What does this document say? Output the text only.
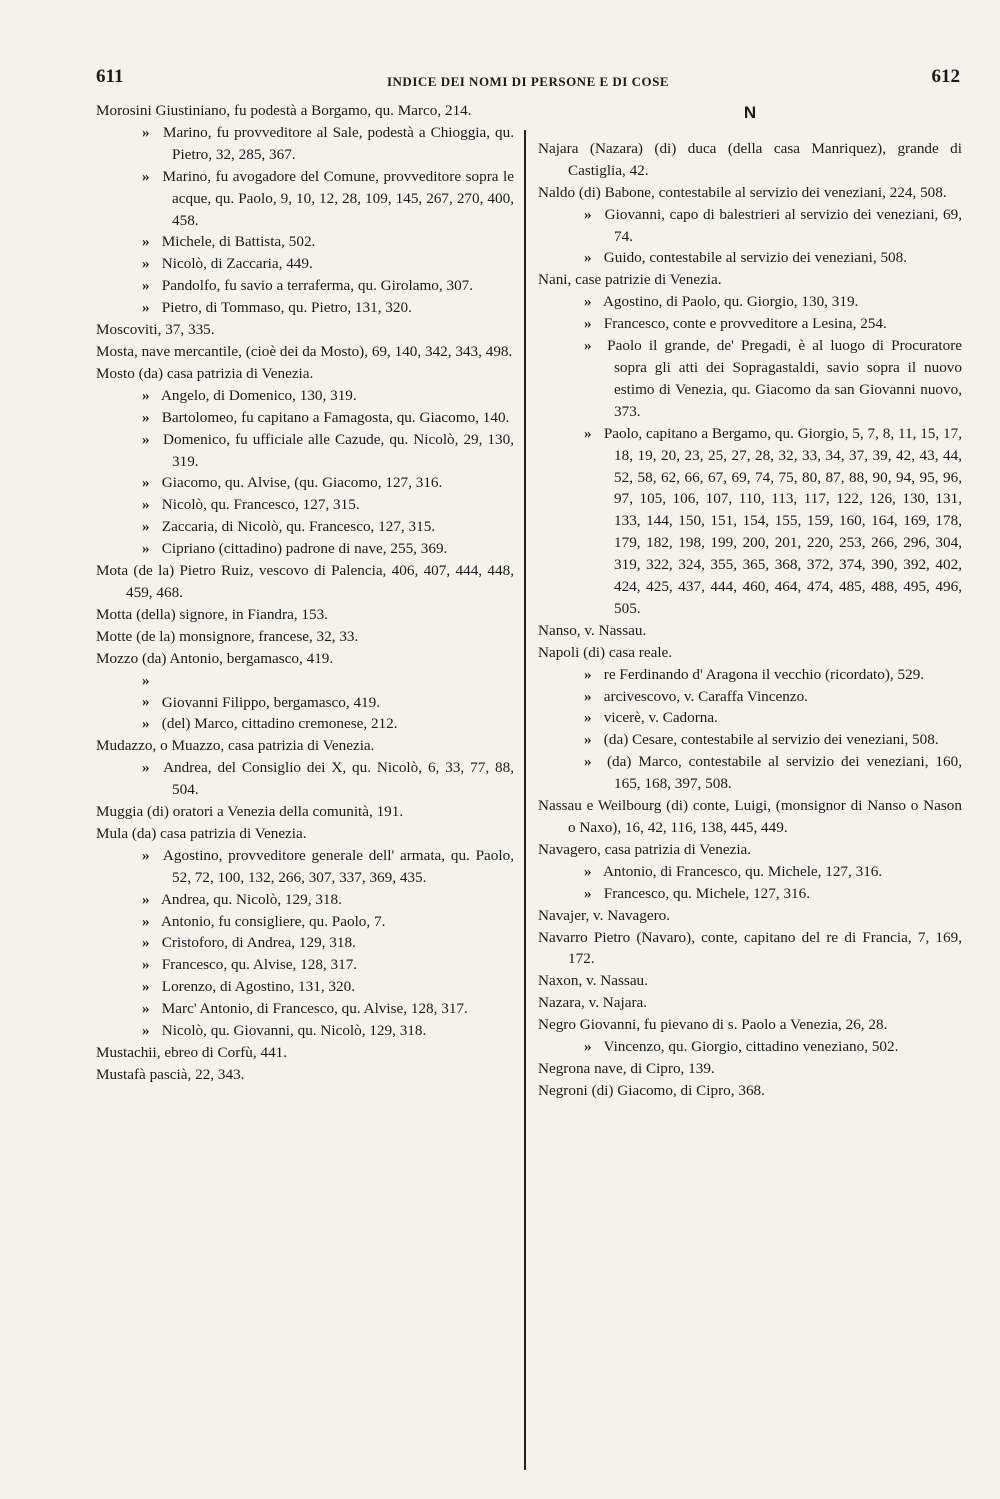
611	INDICE DEI NOMI DI PERSONE E DI COSE	612
Morosini Giustiniano, fu podestà a Borgamo, qu. Marco, 214.
» Marino, fu provveditore al Sale, podestà a Chioggia, qu. Pietro, 32, 285, 367.
» Marino, fu avogadore del Comune, provveditore sopra le acque, qu. Paolo, 9, 10, 12, 28, 109, 145, 267, 270, 400, 458.
» Michele, di Battista, 502.
» Nicolò, di Zaccaria, 449.
» Pandolfo, fu savio a terraferma, qu. Girolamo, 307.
» Pietro, di Tommaso, qu. Pietro, 131, 320.
Moscoviti, 37, 335.
Mosta, nave mercantile, (cioè dei da Mosto), 69, 140, 342, 343, 498.
Mosto (da) casa patrizia di Venezia.
» Angelo, di Domenico, 130, 319.
» Bartolomeo, fu capitano a Famagosta, qu. Giacomo, 140.
» Domenico, fu ufficiale alle Cazude, qu. Nicolò, 29, 130, 319.
» Giacomo, qu. Alvise, (qu. Giacomo, 127, 316.
» Nicolò, qu. Francesco, 127, 315.
» Zaccaria, di Nicolò, qu. Francesco, 127, 315.
» Cipriano (cittadino) padrone di nave, 255, 369.
Mota (de la) Pietro Ruiz, vescovo di Palencia, 406, 407, 444, 448, 459, 468.
Motta (della) signore, in Fiandra, 153.
Motte (de la) monsignore, francese, 32, 33.
Mozzo (da) Antonio, bergamasco, 419.
» » Giovanni Filippo, bergamasco, 419.
» (del) Marco, cittadino cremonese, 212.
Mudazzo, o Muazzo, casa patrizia di Venezia.
» Andrea, del Consiglio dei X, qu. Nicolò, 6, 33, 77, 88, 504.
Muggia (di) oratori a Venezia della comunità, 191.
Mula (da) casa patrizia di Venezia.
» Agostino, provveditore generale dell' armata, qu. Paolo, 52, 72, 100, 132, 266, 307, 337, 369, 435.
» Andrea, qu. Nicolò, 129, 318.
» Antonio, fu consigliere, qu. Paolo, 7.
» Cristoforo, di Andrea, 129, 318.
» Francesco, qu. Alvise, 128, 317.
» Lorenzo, di Agostino, 131, 320.
» Marc' Antonio, di Francesco, qu. Alvise, 128, 317.
» Nicolò, qu. Giovanni, qu. Nicolò, 129, 318.
Mustachii, ebreo di Corfù, 441.
Mustafà pascià, 22, 343.
N
Najara (Nazara) (di) duca (della casa Manriquez), grande di Castiglia, 42.
Naldo (di) Babone, contestabile al servizio dei veneziani, 224, 508.
» Giovanni, capo di balestrieri al servizio dei veneziani, 69, 74.
» Guido, contestabile al servizio dei veneziani, 508.
Nani, case patrizie di Venezia.
» Agostino, di Paolo, qu. Giorgio, 130, 319.
» Francesco, conte e provveditore a Lesina, 254.
» Paolo il grande, de' Pregadi, è al luogo di Procuratore sopra gli atti dei Sopragastaldi, savio sopra il nuovo estimo di Venezia, qu. Giacomo da san Giovanni nuovo, 373.
» Paolo, capitano a Bergamo, qu. Giorgio, 5, 7, 8, 11, 15, 17, 18, 19, 20, 23, 25, 27, 28, 32, 33, 34, 37, 39, 42, 43, 44, 52, 58, 62, 66, 67, 69, 74, 75, 80, 87, 88, 90, 94, 95, 96, 97, 105, 106, 107, 110, 113, 117, 122, 126, 130, 131, 133, 144, 150, 151, 154, 155, 159, 160, 164, 169, 178, 179, 182, 198, 199, 200, 201, 220, 253, 266, 296, 304, 319, 322, 324, 355, 365, 368, 372, 374, 390, 392, 402, 424, 425, 437, 444, 460, 464, 474, 485, 488, 495, 496, 505.
Nanso, v. Nassau.
Napoli (di) casa reale.
» re Ferdinando d' Aragona il vecchio (ricordato), 529.
» arcivescovo, v. Caraffa Vincenzo.
» vicerè, v. Cadorna.
» (da) Cesare, contestabile al servizio dei veneziani, 508.
» (da) Marco, contestabile al servizio dei veneziani, 160, 165, 168, 397, 508.
Nassau e Weilbourg (di) conte, Luigi, (monsignor di Nanso o Nason o Naxo), 16, 42, 116, 138, 445, 449.
Navagero, casa patrizia di Venezia.
» Antonio, di Francesco, qu. Michele, 127, 316.
» Francesco, qu. Michele, 127, 316.
Navajer, v. Navagero.
Navarro Pietro (Navaro), conte, capitano del re di Francia, 7, 169, 172.
Naxon, v. Nassau.
Nazara, v. Najara.
Negro Giovanni, fu pievano di s. Paolo a Venezia, 26, 28.
» Vincenzo, qu. Giorgio, cittadino veneziano, 502.
Negrona nave, di Cipro, 139.
Negroni (di) Giacomo, di Cipro, 368.
